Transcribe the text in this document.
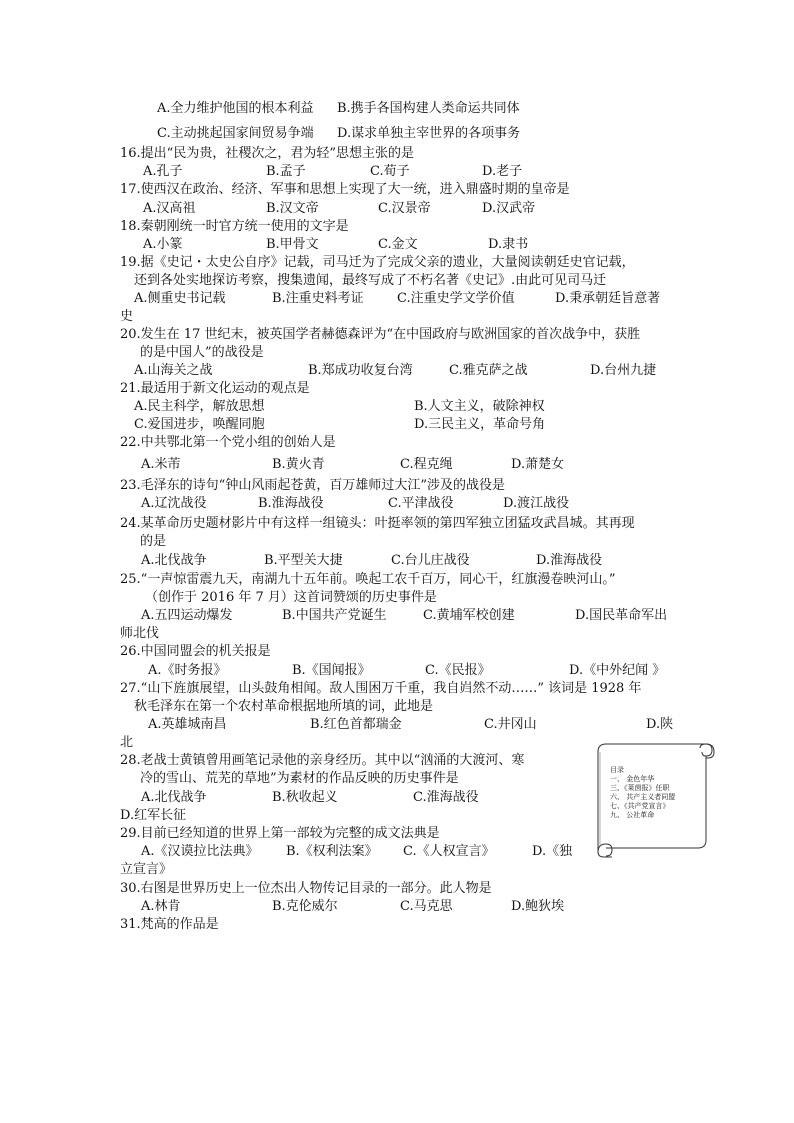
A.全力维护他国的根本利益 B.携手各国构建人类命运共同体
C.主动挑起国家间贸易争端 D.谋求单独主宰世界的各项事务
16.提出“民为贵，社稷次之，君为轻”思想主张的是
A.孔子	B.孟子	C.荀子	D.老子
17.使西汉在政治、经济、军事和思想上实现了大一统，进入鼎盛时期的皇帝是
A.汉高祖	B.汉文帝	C.汉景帝	D.汉武帝
18.秦朝刚统一时官方统一使用的文字是
A.小篆	B.甲骨文	C.金文	D.隶书
19.据《史记・太史公自序》记载，司马迁为了完成父亲的遗业，大量阅读朝廷史官记载，
还到各处实地探访考察，搜集遗闻，最终写成了不朽名著《史记》.由此可见司马迁
A.侧重史书记载	B.注重史料考证	C.注重史学文学价值	D.秉承朝廷旨意著
史
20.发生在 17 世纪末，被英国学者赫德森评为“在中国政府与欧洲国家的首次战争中，获胜
的是中国人”的战役是
A.山海关之战	B.郑成功收复台湾	C.雅克萨之战	D.台州九捷
21.最适用于新文化运动的观点是
A.民主科学，解放思想	B.人文主义，破除神权
C.爱国进步，唤醒同胞	D.三民主义，革命号角
22.中共鄂北第一个党小组的创始人是
A.米芾	B.黄火青	C.程克绳	D.萧楚女
23.毛泽东的诗句“钟山风雨起苍黄，百万雄师过大江”涉及的战役是
A.辽沈战役	B.淮海战役	C.平津战役	D.渡江战役
24.某革命历史题材影片中有这样一组镜头：叶挺率领的第四军独立团猛攻武昌城。其再现
的是
A.北伐战争	B.平型关大捷	C.台儿庄战役	D.淮海战役
25.“一声惊雷震九天，南湖九十五年前。唤起工农千百万，同心干，红旗漫卷映河山。”
（创作于 2016 年 7 月）这首词赞颂的历史事件是
A.五四运动爆发	B.中国共产党诞生	C.黄埔军校创建	D.国民革命军出
师北伐
26.中国同盟会的机关报是
A.《时务报》	B.《国闻报》	C.《民报》	D.《中外纪闻 》
27.“山下旌旗展望，山头鼓角相闻。敌人围困万千重，我自岿然不动……” 该词是 1928 年
秋毛泽东在第一个农村革命根据地所填的词，此地是
A.英雄城南昌	B.红色首都瑞金	C.井冈山	D.陕
北
28.老战士黄镇曾用画笔记录他的亲身经历。其中以“汹涌的大渡河、寒
冷的雪山、荒芜的草地”为素材的作品反映的历史事件是
A.北伐战争	B.秋收起义	C.淮海战役
D.红军长征
29.目前已经知道的世界上第一部较为完整的成文法典是
A.《汉谟拉比法典》 B.《权利法案》 C.《人权宣言》	D.《独
立宣言》
30.右图是世界历史上一位杰出人物传记目录的一部分。此人物是
A.林肯	B.克伦威尔	C.马克思	D.鲍狄埃
31.梵高的作品是
目录
一、 金色年华
三、《莱茵报》任职
六、 共产主义者同盟
七、《共产党宣言》
九、 公社革命
